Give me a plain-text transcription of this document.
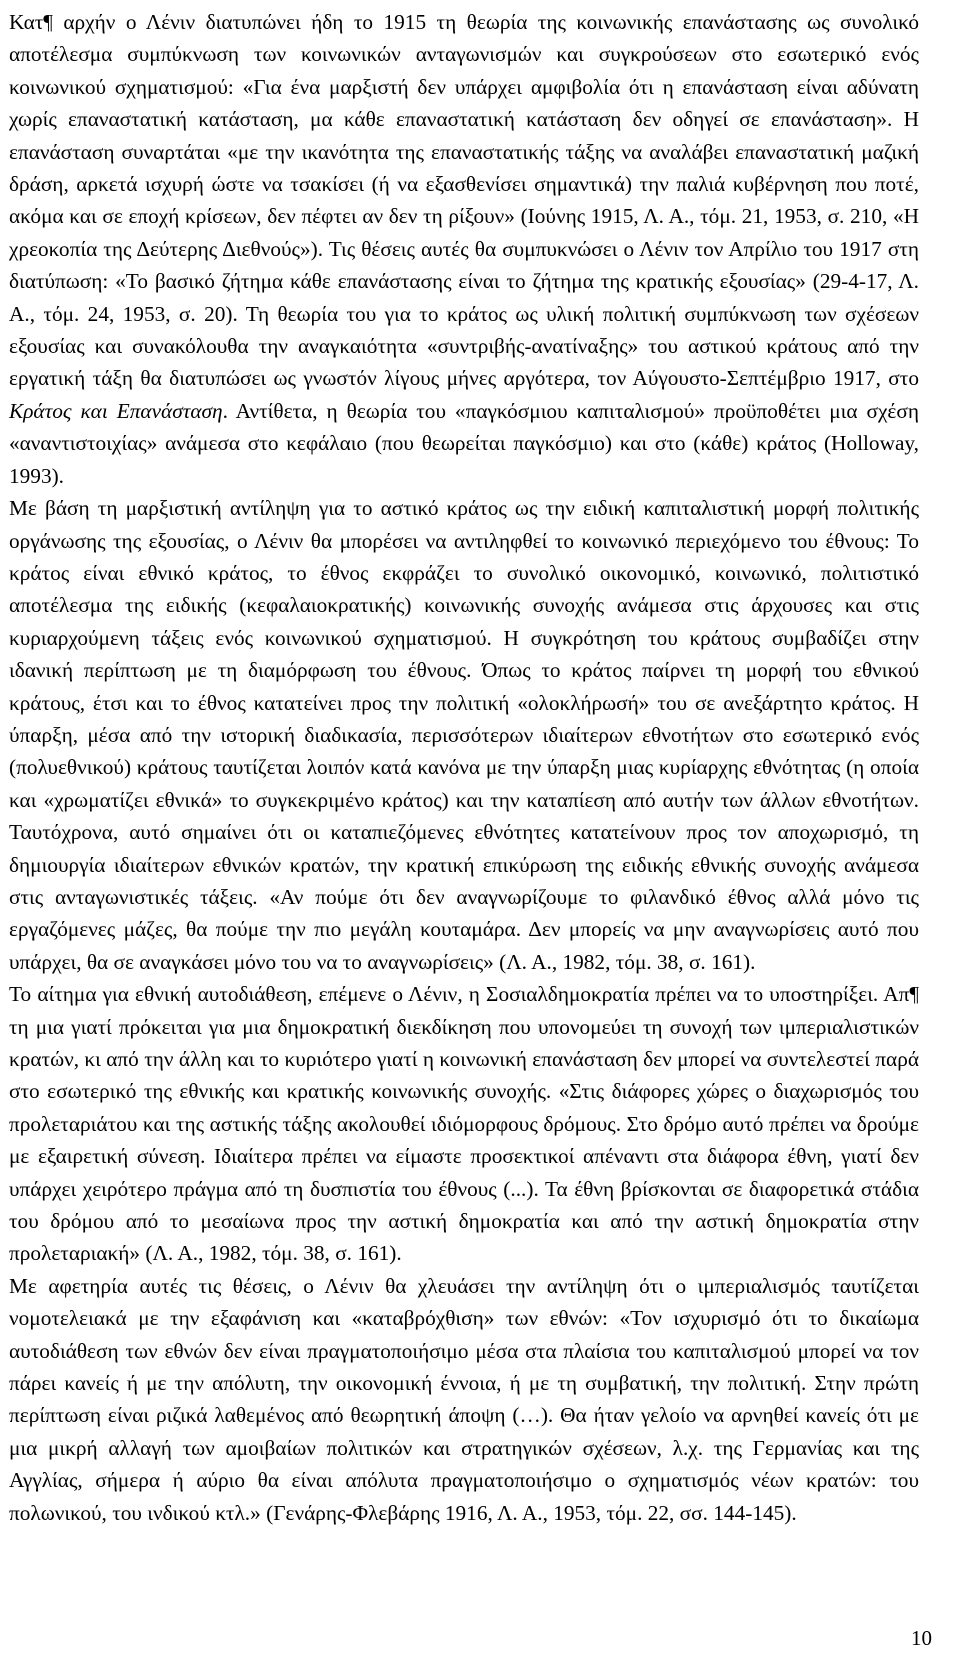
Κατ¶ αρχήν ο Λένιν διατυπώνει ήδη το 1915 τη θεωρία της κοινωνικής επανάστασης ως συνολικό αποτέλεσμα συμπύκνωση των κοινωνικών ανταγωνισμών και συγκρούσεων στο εσωτερικό ενός κοινωνικού σχηματισμού: «Για ένα μαρξιστή δεν υπάρχει αμφιβολία ότι η επανάσταση είναι αδύνατη χωρίς επαναστατική κατάσταση, μα κάθε επαναστατική κατάσταση δεν οδηγεί σε επανάσταση». Η επανάσταση συναρτάται «με την ικανότητα της επαναστατικής τάξης να αναλάβει επαναστατική μαζική δράση, αρκετά ισχυρή ώστε να τσακίσει (ή να εξασθενίσει σημαντικά) την παλιά κυβέρνηση που ποτέ, ακόμα και σε εποχή κρίσεων, δεν πέφτει αν δεν τη ρίξουν» (Ιούνης 1915, Λ. Α., τόμ. 21, 1953, σ. 210, «Η χρεοκοπία της Δεύτερης Διεθνούς»). Τις θέσεις αυτές θα συμπυκνώσει ο Λένιν τον Απρίλιο του 1917 στη διατύπωση: «Το βασικό ζήτημα κάθε επανάστασης είναι το ζήτημα της κρατικής εξουσίας» (29-4-17, Λ. Α., τόμ. 24, 1953, σ. 20). Τη θεωρία του για το κράτος ως υλική πολιτική συμπύκνωση των σχέσεων εξουσίας και συνακόλουθα την αναγκαιότητα «συντριβής-ανατίναξης» του αστικού κράτους από την εργατική τάξη θα διατυπώσει ως γνωστόν λίγους μήνες αργότερα, τον Αύγουστο-Σεπτέμβριο 1917, στο Κράτος και Επανάσταση. Αντίθετα, η θεωρία του «παγκόσμιου καπιταλισμού» προϋποθέτει μια σχέση «αναντιστοιχίας» ανάμεσα στο κεφάλαιο (που θεωρείται παγκόσμιο) και στο (κάθε) κράτος (Holloway, 1993).

Με βάση τη μαρξιστική αντίληψη για το αστικό κράτος ως την ειδική καπιταλιστική μορφή πολιτικής οργάνωσης της εξουσίας, ο Λένιν θα μπορέσει να αντιληφθεί το κοινωνικό περιεχόμενο του έθνους: Το κράτος είναι εθνικό κράτος, το έθνος εκφράζει το συνολικό οικονομικό, κοινωνικό, πολιτιστικό αποτέλεσμα της ειδικής (κεφαλαιοκρατικής) κοινωνικής συνοχής ανάμεσα στις άρχουσες και στις κυριαρχούμενη τάξεις ενός κοινωνικού σχηματισμού. Η συγκρότηση του κράτους συμβαδίζει στην ιδανική περίπτωση με τη διαμόρφωση του έθνους. Όπως το κράτος παίρνει τη μορφή του εθνικού κράτους, έτσι και το έθνος κατατείνει προς την πολιτική «ολοκλήρωσή» του σε ανεξάρτητο κράτος. Η ύπαρξη, μέσα από την ιστορική διαδικασία, περισσότερων ιδιαίτερων εθνοτήτων στο εσωτερικό ενός (πολυεθνικού) κράτους ταυτίζεται λοιπόν κατά κανόνα με την ύπαρξη μιας κυρίαρχης εθνότητας (η οποία και «χρωματίζει εθνικά» το συγκεκριμένο κράτος) και την καταπίεση από αυτήν των άλλων εθνοτήτων. Ταυτόχρονα, αυτό σημαίνει ότι οι καταπιεζόμενες εθνότητες κατατείνουν προς τον αποχωρισμό, τη δημιουργία ιδιαίτερων εθνικών κρατών, την κρατική επικύρωση της ειδικής εθνικής συνοχής ανάμεσα στις ανταγωνιστικές τάξεις. «Αν πούμε ότι δεν αναγνωρίζουμε το φιλανδικό έθνος αλλά μόνο τις εργαζόμενες μάζες, θα πούμε την πιο μεγάλη κουταμάρα. Δεν μπορείς να μην αναγνωρίσεις αυτό που υπάρχει, θα σε αναγκάσει μόνο του να το αναγνωρίσεις» (Λ. Α., 1982, τόμ. 38, σ. 161).

Το αίτημα για εθνική αυτοδιάθεση, επέμενε ο Λένιν, η Σοσιαλδημοκρατία πρέπει να το υποστηρίξει. Απ¶ τη μια γιατί πρόκειται για μια δημοκρατική διεκδίκηση που υπονομεύει τη συνοχή των ιμπεριαλιστικών κρατών, κι από την άλλη και το κυριότερο γιατί η κοινωνική επανάσταση δεν μπορεί να συντελεστεί παρά στο εσωτερικό της εθνικής και κρατικής κοινωνικής συνοχής. «Στις διάφορες χώρες ο διαχωρισμός του προλεταριάτου και της αστικής τάξης ακολουθεί ιδιόμορφους δρόμους. Στο δρόμο αυτό πρέπει να δρούμε με εξαιρετική σύνεση. Ιδιαίτερα πρέπει να είμαστε προσεκτικοί απέναντι στα διάφορα έθνη, γιατί δεν υπάρχει χειρότερο πράγμα από τη δυσπιστία του έθνους (...). Τα έθνη βρίσκονται σε διαφορετικά στάδια του δρόμου από το μεσαίωνα προς την αστική δημοκρατία και από την αστική δημοκρατία στην προλεταριακή» (Λ. Α., 1982, τόμ. 38, σ. 161).

Με αφετηρία αυτές τις θέσεις, ο Λένιν θα χλευάσει την αντίληψη ότι ο ιμπεριαλισμός ταυτίζεται νομοτελειακά με την εξαφάνιση και «καταβρόχθιση» των εθνών: «Τον ισχυρισμό ότι το δικαίωμα αυτοδιάθεση των εθνών δεν είναι πραγματοποιήσιμο μέσα στα πλαίσια του καπιταλισμού μπορεί να τον πάρει κανείς ή με την απόλυτη, την οικονομική έννοια, ή με τη συμβατική, την πολιτική. Στην πρώτη περίπτωση είναι ριζικά λαθεμένος από θεωρητική άποψη (…). Θα ήταν γελοίο να αρνηθεί κανείς ότι με μια μικρή αλλαγή των αμοιβαίων πολιτικών και στρατηγικών σχέσεων, λ.χ. της Γερμανίας και της Αγγλίας, σήμερα ή αύριο θα είναι απόλυτα πραγματοποιήσιμο ο σχηματισμός νέων κρατών: του πολωνικού, του ινδικού κτλ.» (Γενάρης-Φλεβάρης 1916, Λ. Α., 1953, τόμ. 22, σσ. 144-145).

10
